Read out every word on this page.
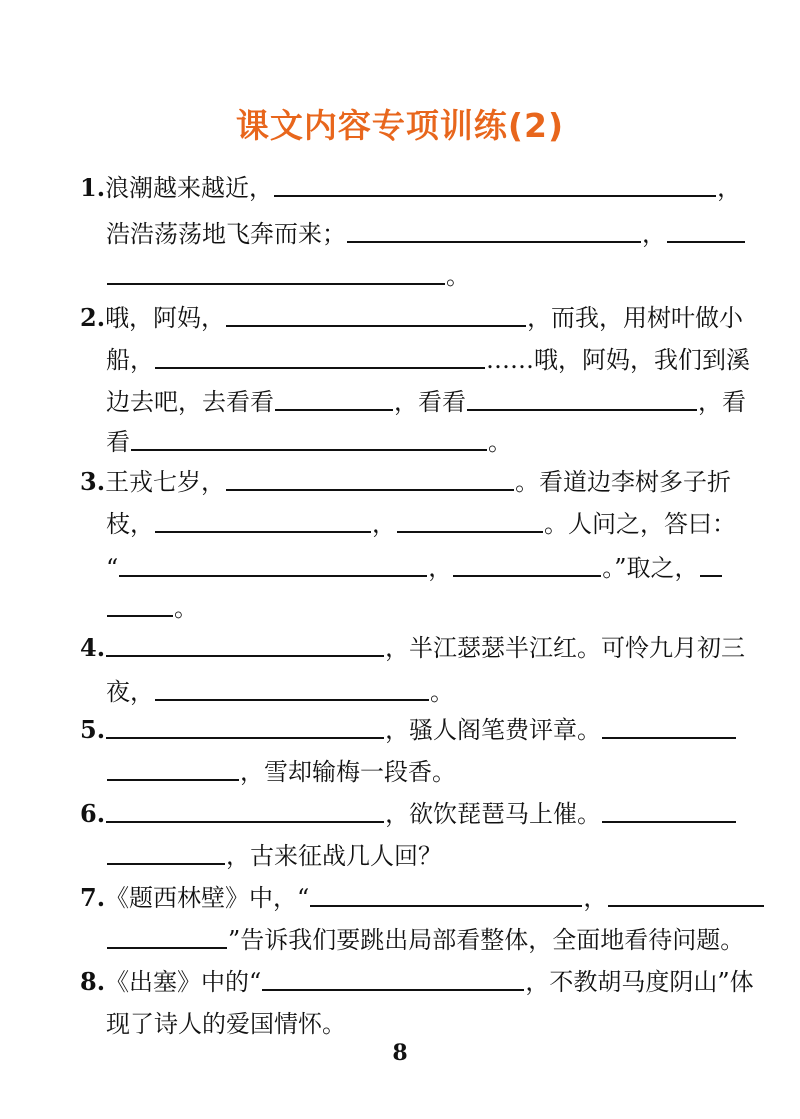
课文内容专项训练(2)
1. 浪潮越来越近，	，
浩浩荡荡地飞奔而来；	，
。
2. 哦，阿妈，	，而我，用树叶做小
船，	……哦，阿妈，我们到溪
边去吧，去看看	，看看	，看
看	。
3. 王戎七岁，	。看道边李树多子折
枝，	，	。人问之，答曰：
“	，	。”取之，
。
4.	，半江瑟瑟半江红。可怜九月初三
夜，	。
5.	，骚人阁笔费评章。
，雪却输梅一段香。
6.	，欲饮琵琶马上催。
，古来征战几人回？
7. 《题西林壁》中，“	，
”告诉我们要跳出局部看整体，全面地看待问题。
8. 《出塞》中的“	，不教胡马度阴山”体
现了诗人的爱国情怀。
8
